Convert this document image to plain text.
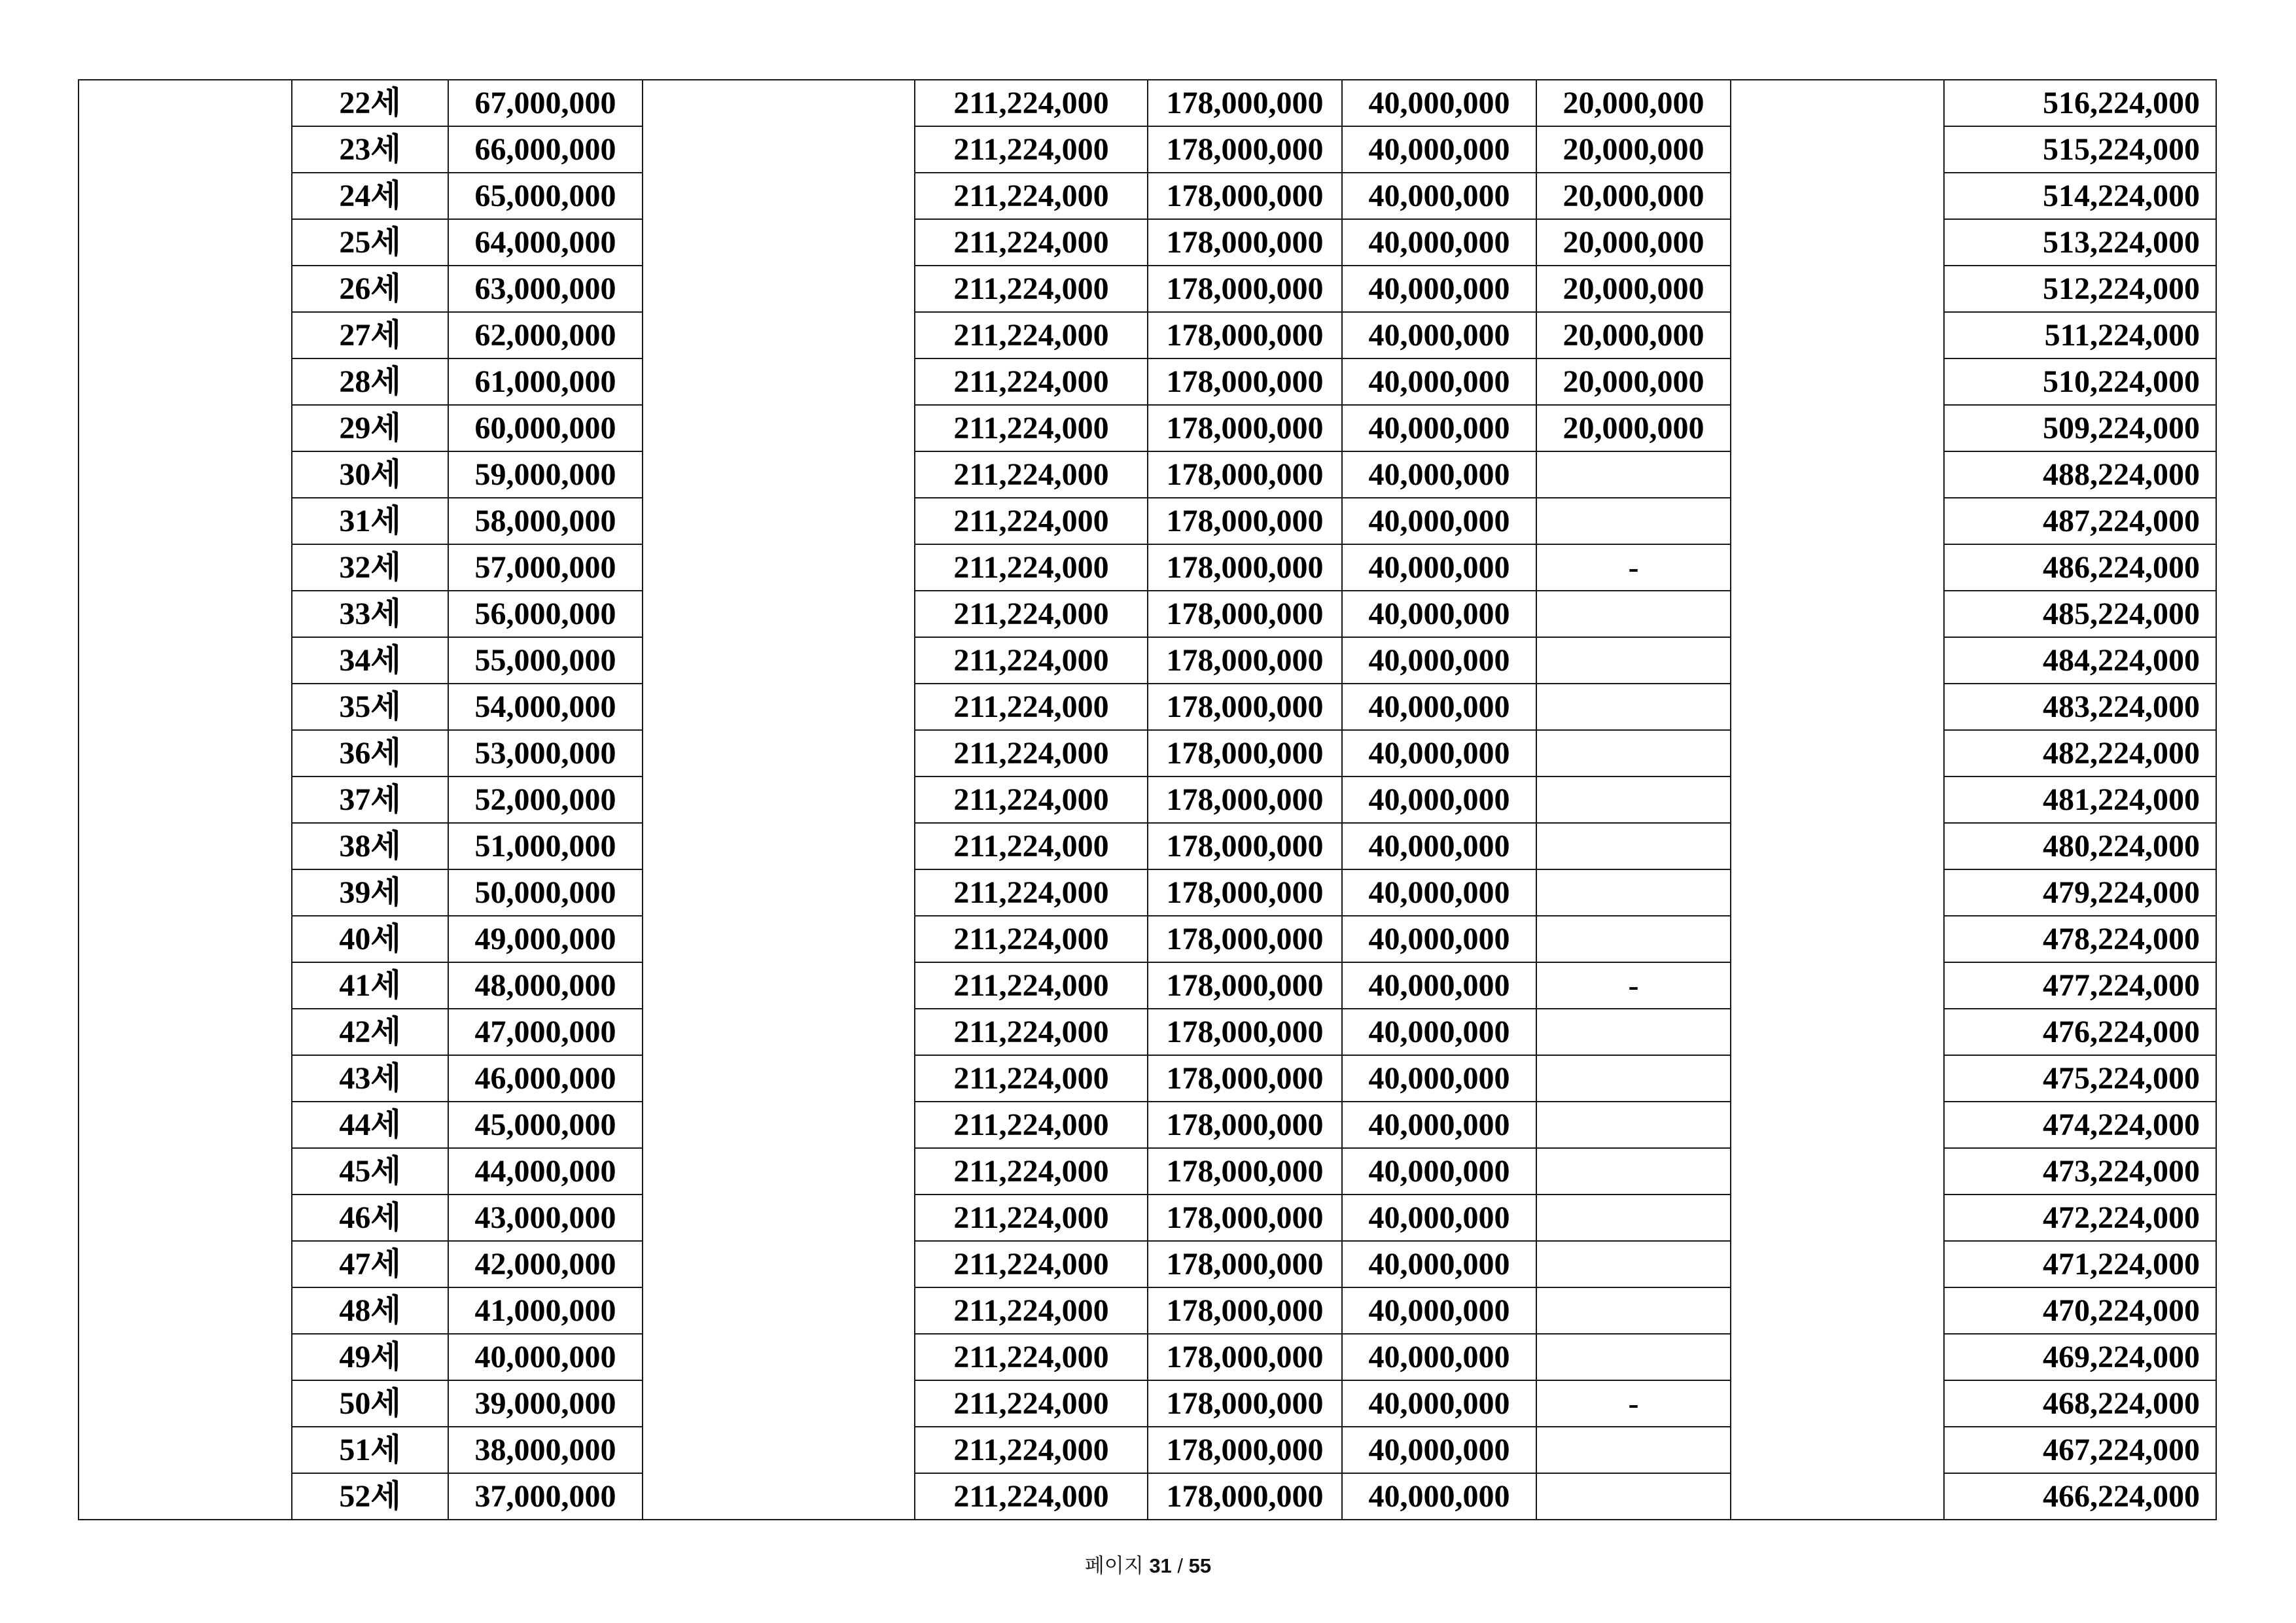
	22세	67,000,000		211,224,000	178,000,000	40,000,000	20,000,000		516,224,000
	23세	66,000,000		211,224,000	178,000,000	40,000,000	20,000,000		515,224,000
	24세	65,000,000		211,224,000	178,000,000	40,000,000	20,000,000		514,224,000
	25세	64,000,000		211,224,000	178,000,000	40,000,000	20,000,000		513,224,000
	26세	63,000,000		211,224,000	178,000,000	40,000,000	20,000,000		512,224,000
	27세	62,000,000		211,224,000	178,000,000	40,000,000	20,000,000		511,224,000
	28세	61,000,000		211,224,000	178,000,000	40,000,000	20,000,000		510,224,000
	29세	60,000,000		211,224,000	178,000,000	40,000,000	20,000,000		509,224,000
	30세	59,000,000		211,224,000	178,000,000	40,000,000			488,224,000
	31세	58,000,000		211,224,000	178,000,000	40,000,000			487,224,000
	32세	57,000,000		211,224,000	178,000,000	40,000,000	-		486,224,000
	33세	56,000,000		211,224,000	178,000,000	40,000,000			485,224,000
	34세	55,000,000		211,224,000	178,000,000	40,000,000			484,224,000
	35세	54,000,000		211,224,000	178,000,000	40,000,000			483,224,000
	36세	53,000,000		211,224,000	178,000,000	40,000,000			482,224,000
	37세	52,000,000		211,224,000	178,000,000	40,000,000			481,224,000
	38세	51,000,000		211,224,000	178,000,000	40,000,000			480,224,000
	39세	50,000,000		211,224,000	178,000,000	40,000,000			479,224,000
	40세	49,000,000		211,224,000	178,000,000	40,000,000			478,224,000
	41세	48,000,000		211,224,000	178,000,000	40,000,000	-		477,224,000
	42세	47,000,000		211,224,000	178,000,000	40,000,000			476,224,000
	43세	46,000,000		211,224,000	178,000,000	40,000,000			475,224,000
	44세	45,000,000		211,224,000	178,000,000	40,000,000			474,224,000
	45세	44,000,000		211,224,000	178,000,000	40,000,000			473,224,000
	46세	43,000,000		211,224,000	178,000,000	40,000,000			472,224,000
	47세	42,000,000		211,224,000	178,000,000	40,000,000			471,224,000
	48세	41,000,000		211,224,000	178,000,000	40,000,000			470,224,000
	49세	40,000,000		211,224,000	178,000,000	40,000,000			469,224,000
	50세	39,000,000		211,224,000	178,000,000	40,000,000	-		468,224,000
	51세	38,000,000		211,224,000	178,000,000	40,000,000			467,224,000
	52세	37,000,000		211,224,000	178,000,000	40,000,000			466,224,000
페이지 31 / 55
